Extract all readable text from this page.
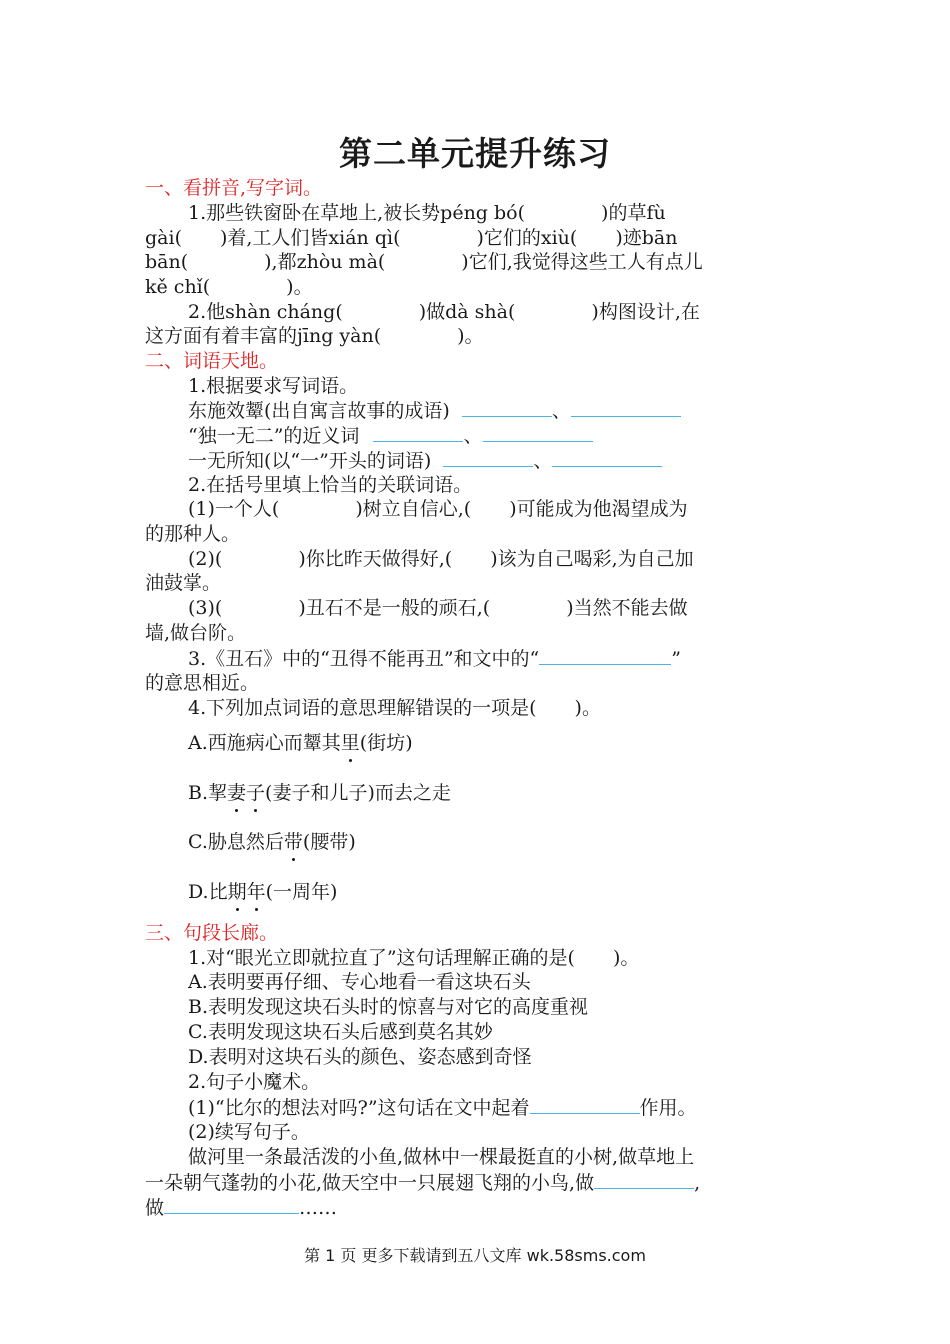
第二单元提升练习
一、看拼音,写字词。
1.那些铁窗卧在草地上,被长势péng bó(　　　　)的草fù
gài(　　)着,工人们皆xián qì(　　　　)它们的xiù(　　)迹bān
bān(　　　　),都zhòu mà(　　　　)它们,我觉得这些工人有点儿
kě chǐ(　　　　)。
2.他shàn cháng(　　　　)做dà shà(　　　　)构图设计,在
这方面有着丰富的jīng yàn(　　　　)。
二、词语天地。
1.根据要求写词语。
东施效颦(出自寓言故事的成语)	、
“独一无二”的近义词	、
一无所知(以“一”开头的词语)	、
2.在括号里填上恰当的关联词语。
(1)一个人(　　　　)树立自信心,(　　)可能成为他渴望成为
的那种人。
(2)(　　　　)你比昨天做得好,(　　)该为自己喝彩,为自己加
油鼓掌。
(3)(　　　　)丑石不是一般的顽石,(　　　　)当然不能去做
墙,做台阶。
3.《丑石》中的“丑得不能再丑”和文中的“	”
的意思相近。
4.下列加点词语的意思理解错误的一项是(　　)。
A.西施病心而颦其里(街坊)
B.挈妻子(妻子和儿子)而去之走
C.胁息然后带(腰带)
D.比期年(一周年)
三、句段长廊。
1.对“眼光立即就拉直了”这句话理解正确的是(　　)。
A.表明要再仔细、专心地看一看这块石头
B.表明发现这块石头时的惊喜与对它的高度重视
C.表明发现这块石头后感到莫名其妙
D.表明对这块石头的颜色、姿态感到奇怪
2.句子小魔术。
(1)“比尔的想法对吗?”这句话在文中起着	作用。
(2)续写句子。
做河里一条最活泼的小鱼,做林中一棵最挺直的小树,做草地上
一朵朝气蓬勃的小花,做天空中一只展翅飞翔的小鸟,做	,
做	……
第 1 页 更多下载请到五八文库 wk.58sms.com
